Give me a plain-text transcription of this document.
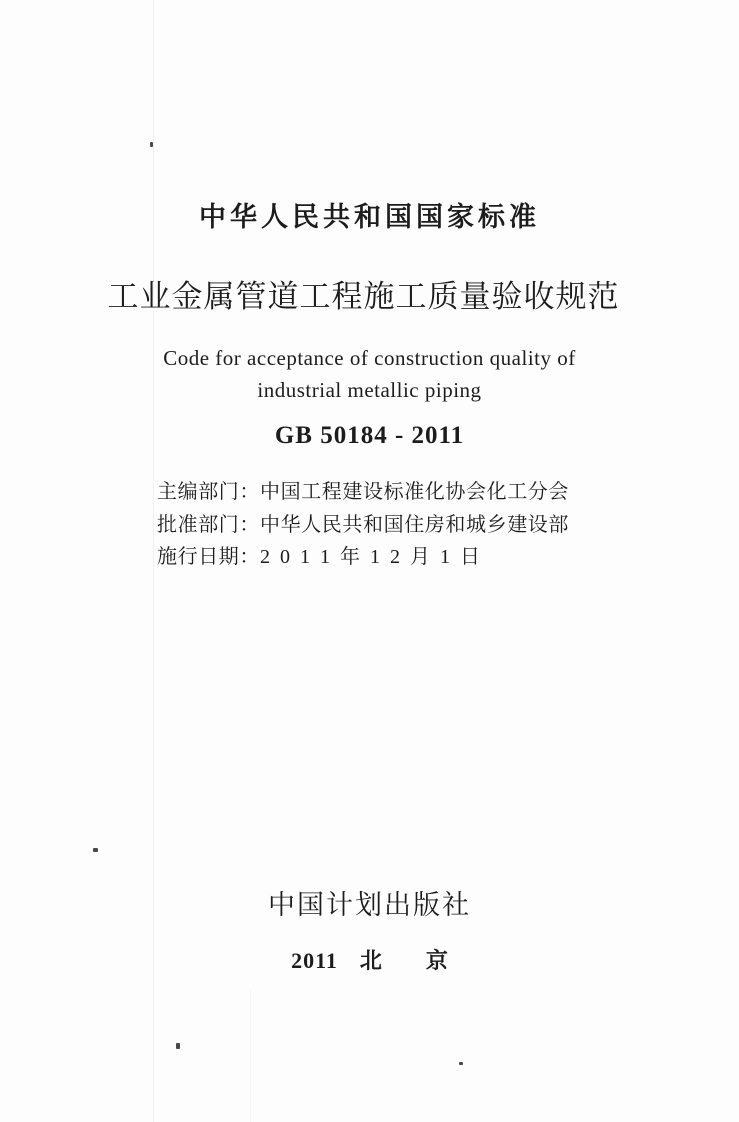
中华人民共和国国家标准
工业金属管道工程施工质量验收规范
Code for acceptance of construction quality of
industrial metallic piping
GB 50184 - 2011
主编部门：中国工程建设标准化协会化工分会
批准部门：中华人民共和国住房和城乡建设部
施行日期：2 0 1 1 年 1 2 月 1 日
中国计划出版社
2011 北　　京
